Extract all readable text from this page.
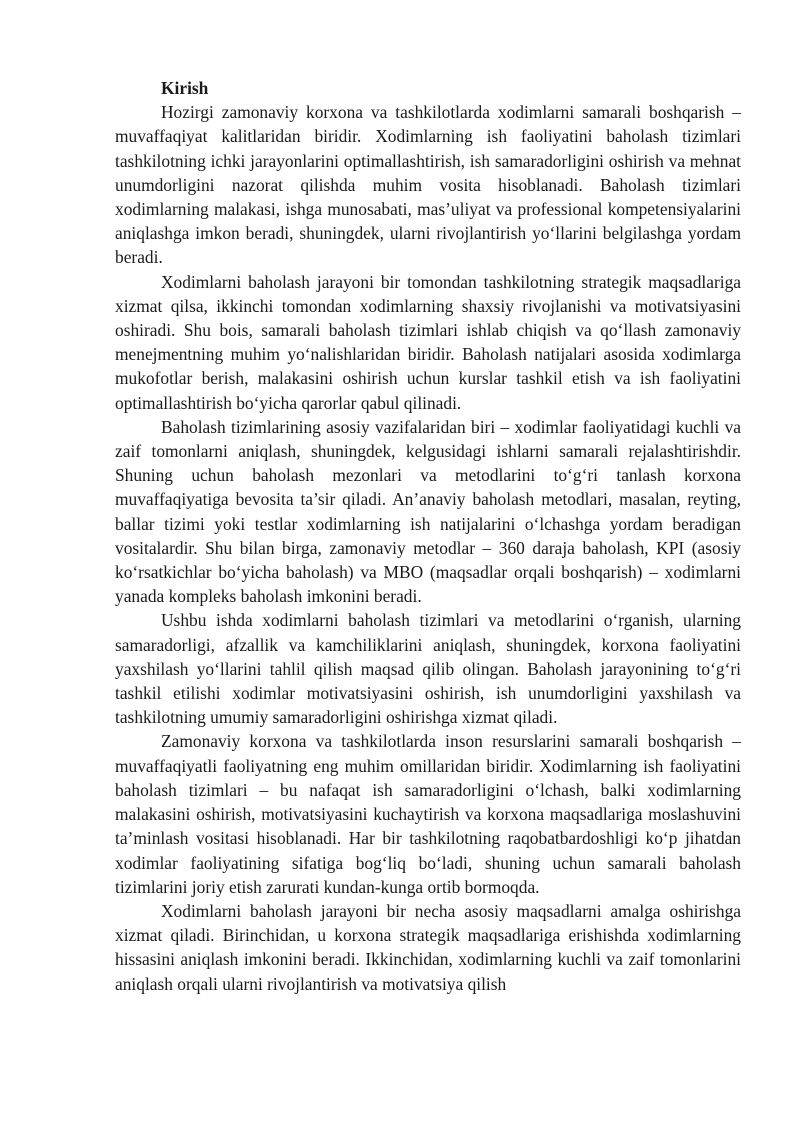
Kirish

Hozirgi zamonaviy korxona va tashkilotlarda xodimlarni samarali boshqarish – muvaffaqiyat kalitlaridan biridir. Xodimlarning ish faoliyatini baholash tizimlari tashkilotning ichki jarayonlarini optimallashtirish, ish samaradorligini oshirish va mehnat unumdorligini nazorat qilishda muhim vosita hisoblanadi. Baholash tizimlari xodimlarning malakasi, ishga munosabati, mas’uliyat va professional kompetensiyalarini aniqlashga imkon beradi, shuningdek, ularni rivojlantirish yo‘llarini belgilashga yordam beradi.

Xodimlarni baholash jarayoni bir tomondan tashkilotning strategik maqsadlariga xizmat qilsa, ikkinchi tomondan xodimlarning shaxsiy rivojlanishi va motivatsiyasini oshiradi. Shu bois, samarali baholash tizimlari ishlab chiqish va qo‘llash zamonaviy menejmentning muhim yo‘nalishlaridan biridir. Baholash natijalari asosida xodimlarga mukofotlar berish, malakasini oshirish uchun kurslar tashkil etish va ish faoliyatini optimallashtirish bo‘yicha qarorlar qabul qilinadi.

Baholash tizimlarining asosiy vazifalaridan biri – xodimlar faoliyatidagi kuchli va zaif tomonlarni aniqlash, shuningdek, kelgusidagi ishlarni samarali rejalashtirishdir. Shuning uchun baholash mezonlari va metodlarini to‘g‘ri tanlash korxona muvaffaqiyatiga bevosita ta’sir qiladi. An’anaviy baholash metodlari, masalan, reyting, ballar tizimi yoki testlar xodimlarning ish natijalarini o‘lchashga yordam beradigan vositalardir. Shu bilan birga, zamonaviy metodlar – 360 daraja baholash, KPI (asosiy ko‘rsatkichlar bo‘yicha baholash) va MBO (maqsadlar orqali boshqarish) – xodimlarni yanada kompleks baholash imkonini beradi.

Ushbu ishda xodimlarni baholash tizimlari va metodlarini o‘rganish, ularning samaradorligi, afzallik va kamchiliklarini aniqlash, shuningdek, korxona faoliyatini yaxshilash yo‘llarini tahlil qilish maqsad qilib olingan. Baholash jarayonining to‘g‘ri tashkil etilishi xodimlar motivatsiyasini oshirish, ish unumdorligini yaxshilash va tashkilotning umumiy samaradorligini oshirishga xizmat qiladi.

Zamonaviy korxona va tashkilotlarda inson resurslarini samarali boshqarish – muvaffaqiyatli faoliyatning eng muhim omillaridan biridir. Xodimlarning ish faoliyatini baholash tizimlari – bu nafaqat ish samaradorligini o‘lchash, balki xodimlarning malakasini oshirish, motivatsiyasini kuchaytirish va korxona maqsadlariga moslashuvini ta’minlash vositasi hisoblanadi. Har bir tashkilotning raqobatbardoshligi ko‘p jihatdan xodimlar faoliyatining sifatiga bog‘liq bo‘ladi, shuning uchun samarali baholash tizimlarini joriy etish zarurati kundan-kunga ortib bormoqda.

Xodimlarni baholash jarayoni bir necha asosiy maqsadlarni amalga oshirishga xizmat qiladi. Birinchidan, u korxona strategik maqsadlariga erishishda xodimlarning hissasini aniqlash imkonini beradi. Ikkinchidan, xodimlarning kuchli va zaif tomonlarini aniqlash orqali ularni rivojlantirish va motivatsiya qilish
